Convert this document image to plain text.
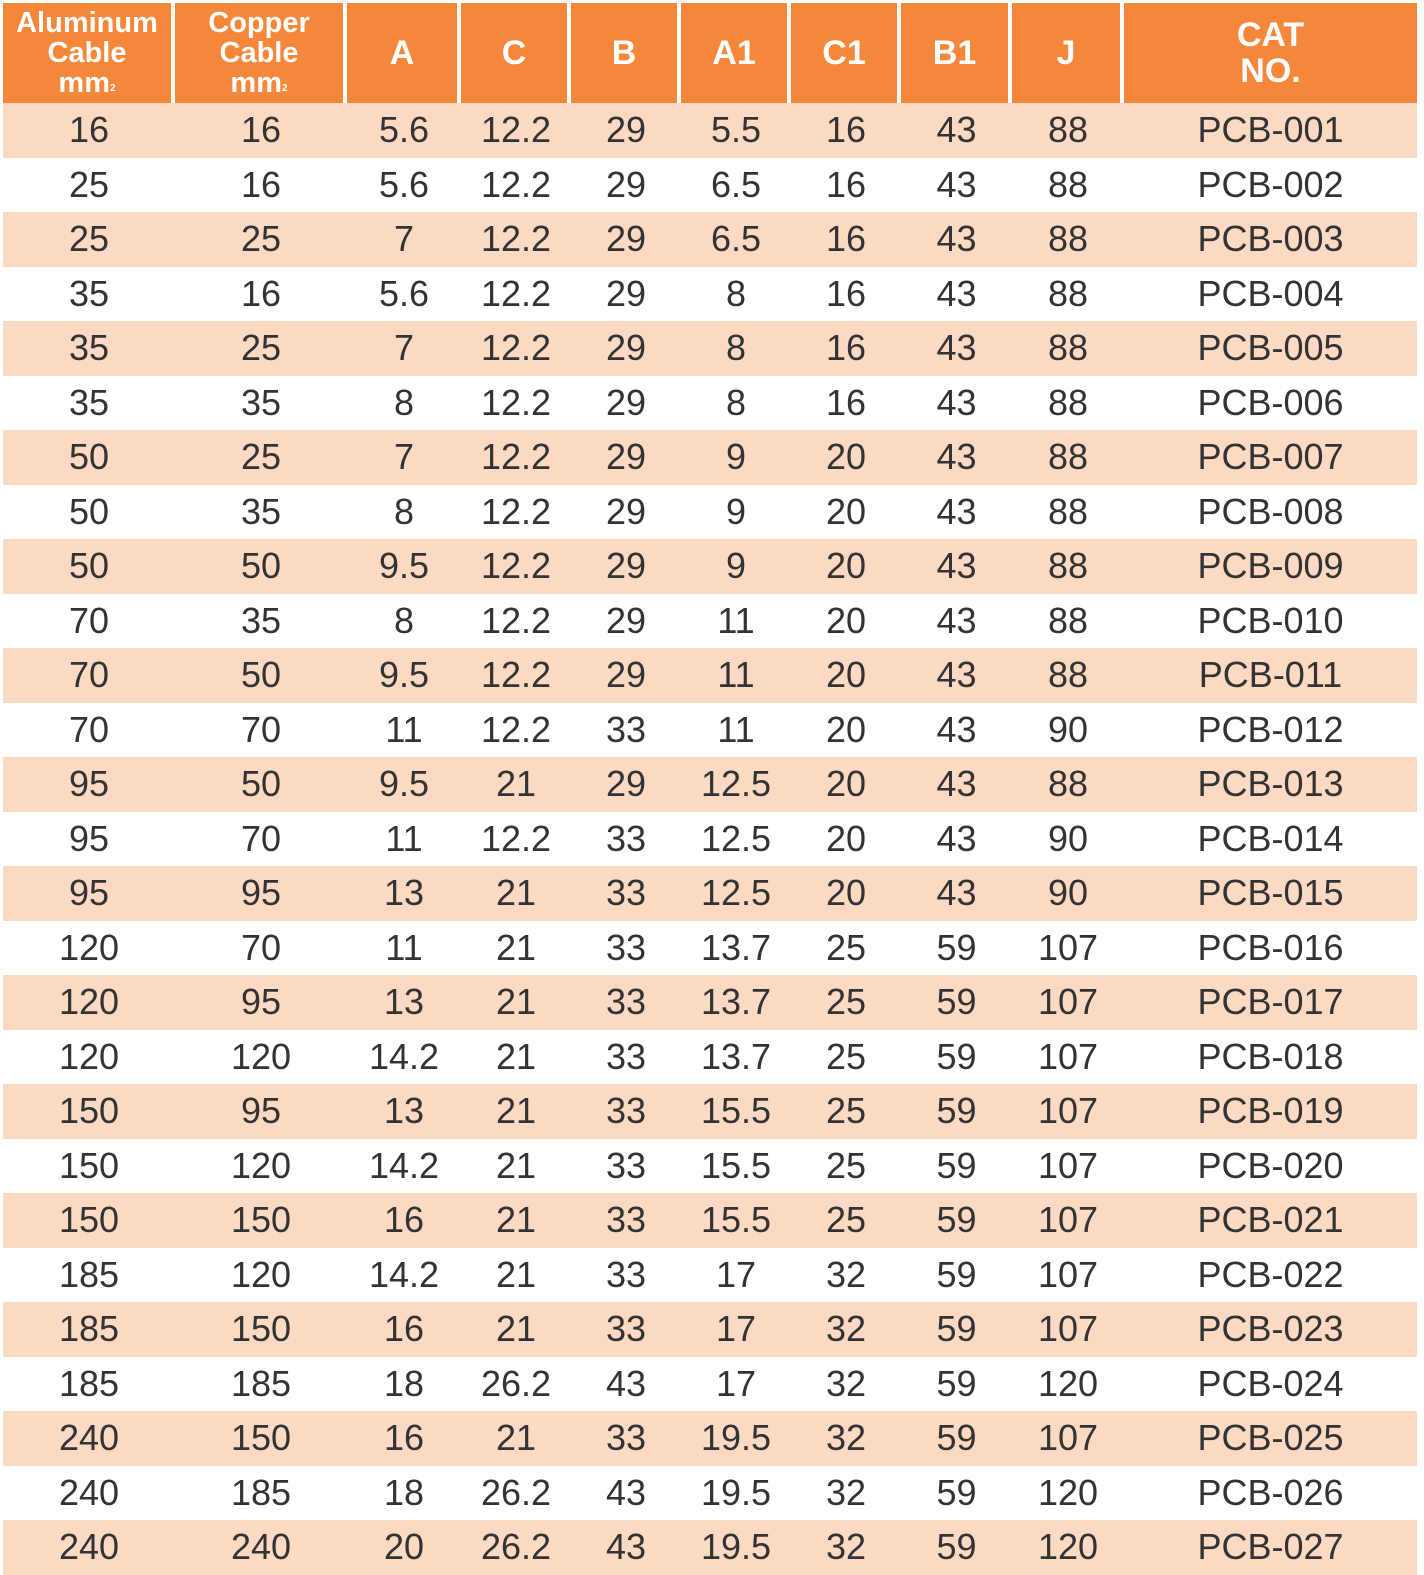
Aluminum
Cable
$mm^2$	Copper
Cable
$mm^2$	A	C	B	A1	C1	B1	J	CAT
NO.

16	16	5.6	12.2	29	5.5	16	43	88	PCB-001
25	16	5.6	12.2	29	6.5	16	43	88	PCB-002
25	25	7	12.2	29	6.5	16	43	88	PCB-003
35	16	5.6	12.2	29	8	16	43	88	PCB-004
35	25	7	12.2	29	8	16	43	88	PCB-005
35	35	8	12.2	29	8	16	43	88	PCB-006
50	25	7	12.2	29	9	20	43	88	PCB-007
50	35	8	12.2	29	9	20	43	88	PCB-008
50	50	9.5	12.2	29	9	20	43	88	PCB-009
70	35	8	12.2	29	11	20	43	88	PCB-010
70	50	9.5	12.2	29	11	20	43	88	PCB-011
70	70	11	12.2	33	11	20	43	90	PCB-012
95	50	9.5	21	29	12.5	20	43	88	PCB-013
95	70	11	12.2	33	12.5	20	43	90	PCB-014
95	95	13	21	33	12.5	20	43	90	PCB-015
120	70	11	21	33	13.7	25	59	107	PCB-016
120	95	13	21	33	13.7	25	59	107	PCB-017
120	120	14.2	21	33	13.7	25	59	107	PCB-018
150	95	13	21	33	15.5	25	59	107	PCB-019
150	120	14.2	21	33	15.5	25	59	107	PCB-020
150	150	16	21	33	15.5	25	59	107	PCB-021
185	120	14.2	21	33	17	32	59	107	PCB-022
185	150	16	21	33	17	32	59	107	PCB-023
185	185	18	26.2	43	17	32	59	120	PCB-024
240	150	16	21	33	19.5	32	59	107	PCB-025
240	185	18	26.2	43	19.5	32	59	120	PCB-026
240	240	20	26.2	43	19.5	32	59	120	PCB-027
